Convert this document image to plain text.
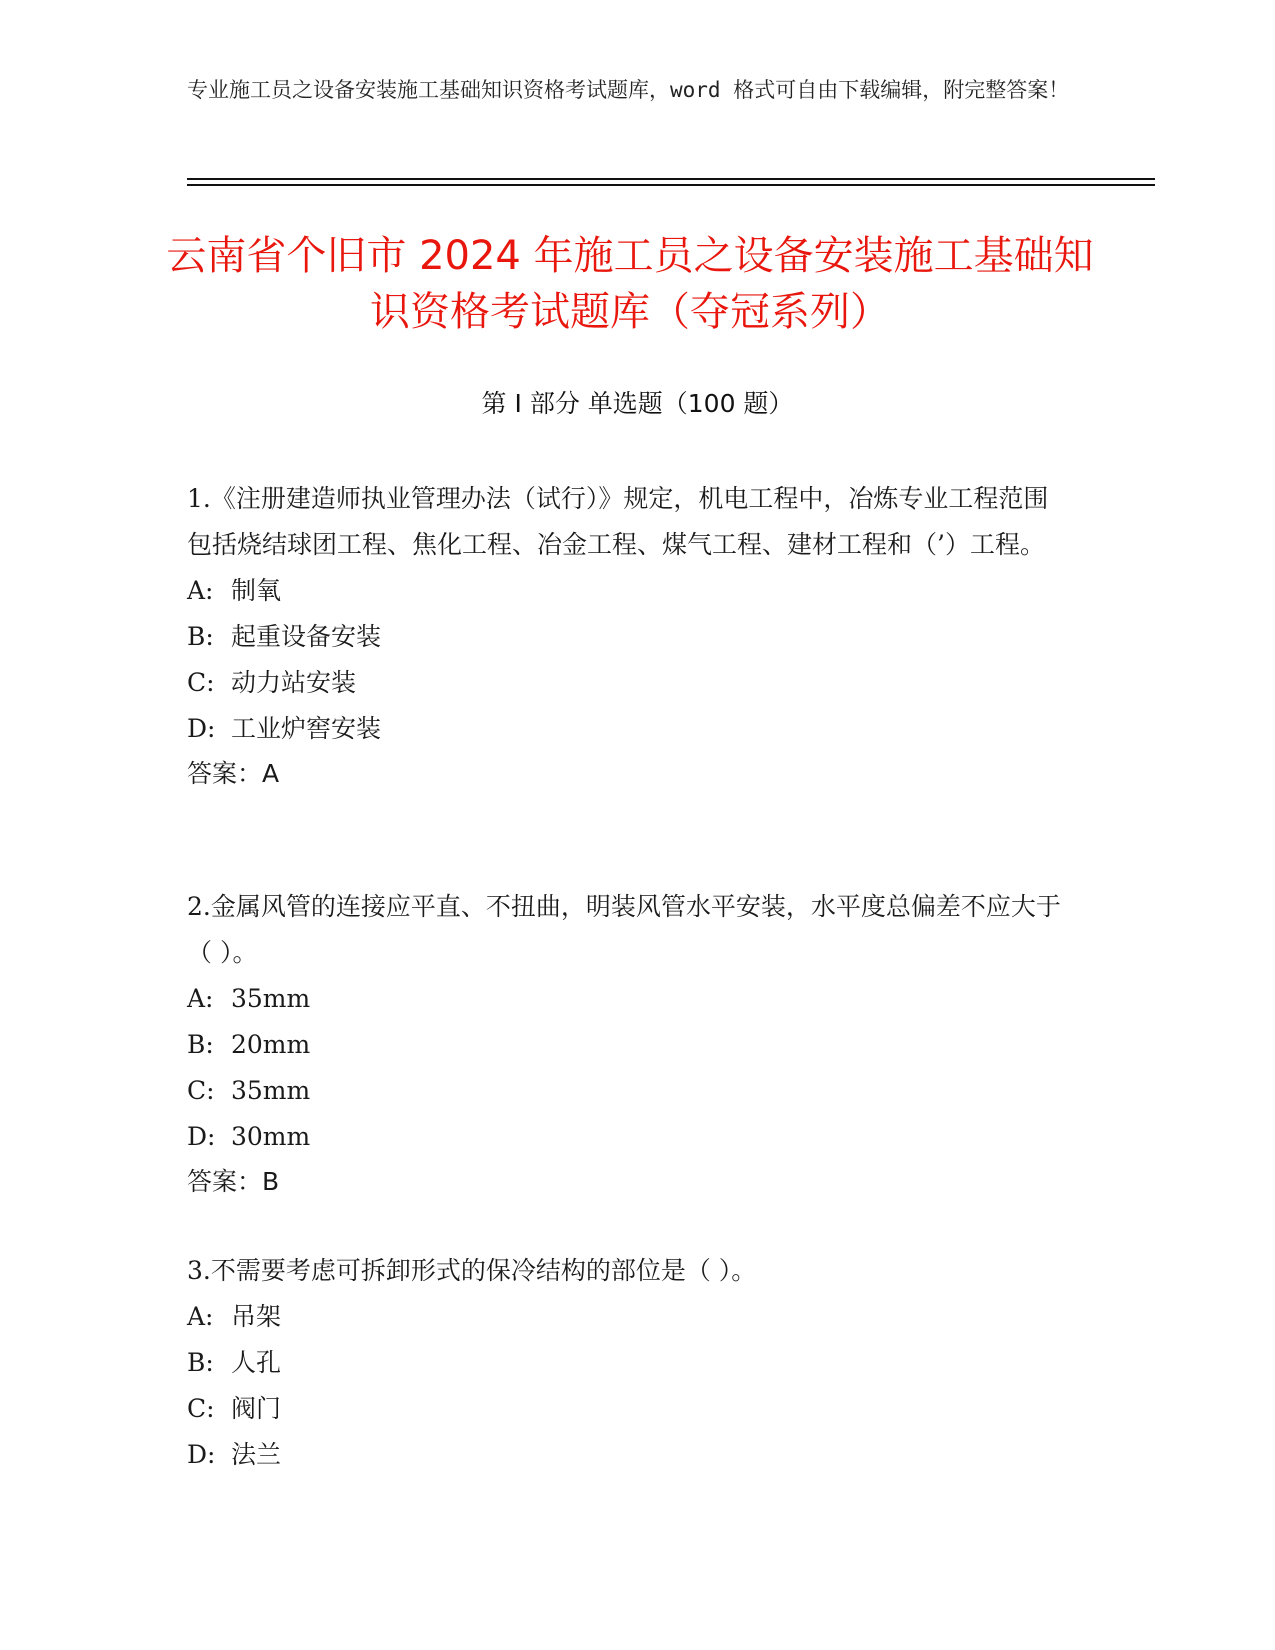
专业施工员之设备安装施工基础知识资格考试题库，word 格式可自由下载编辑，附完整答案！
云南省个旧市 2024 年施工员之设备安装施工基础知识资格考试题库（夺冠系列）
第 I 部分 单选题（100 题）

1.《注册建造师执业管理办法（试行）》规定，机电工程中，冶炼专业工程范围包括烧结球团工程、焦化工程、冶金工程、煤气工程、建材工程和（’）工程。

A: 制氧

B: 起重设备安装

C: 动力站安装

D: 工业炉窖安装

答案：A

2.金属风管的连接应平直、不扭曲，明装风管水平安装，水平度总偏差不应大于（ ）。

A: 35mm

B: 20mm

C: 35mm

D: 30mm

答案：B

3.不需要考虑可拆卸形式的保冷结构的部位是（ ）。

A: 吊架

B: 人孔

C: 阀门

D: 法兰
